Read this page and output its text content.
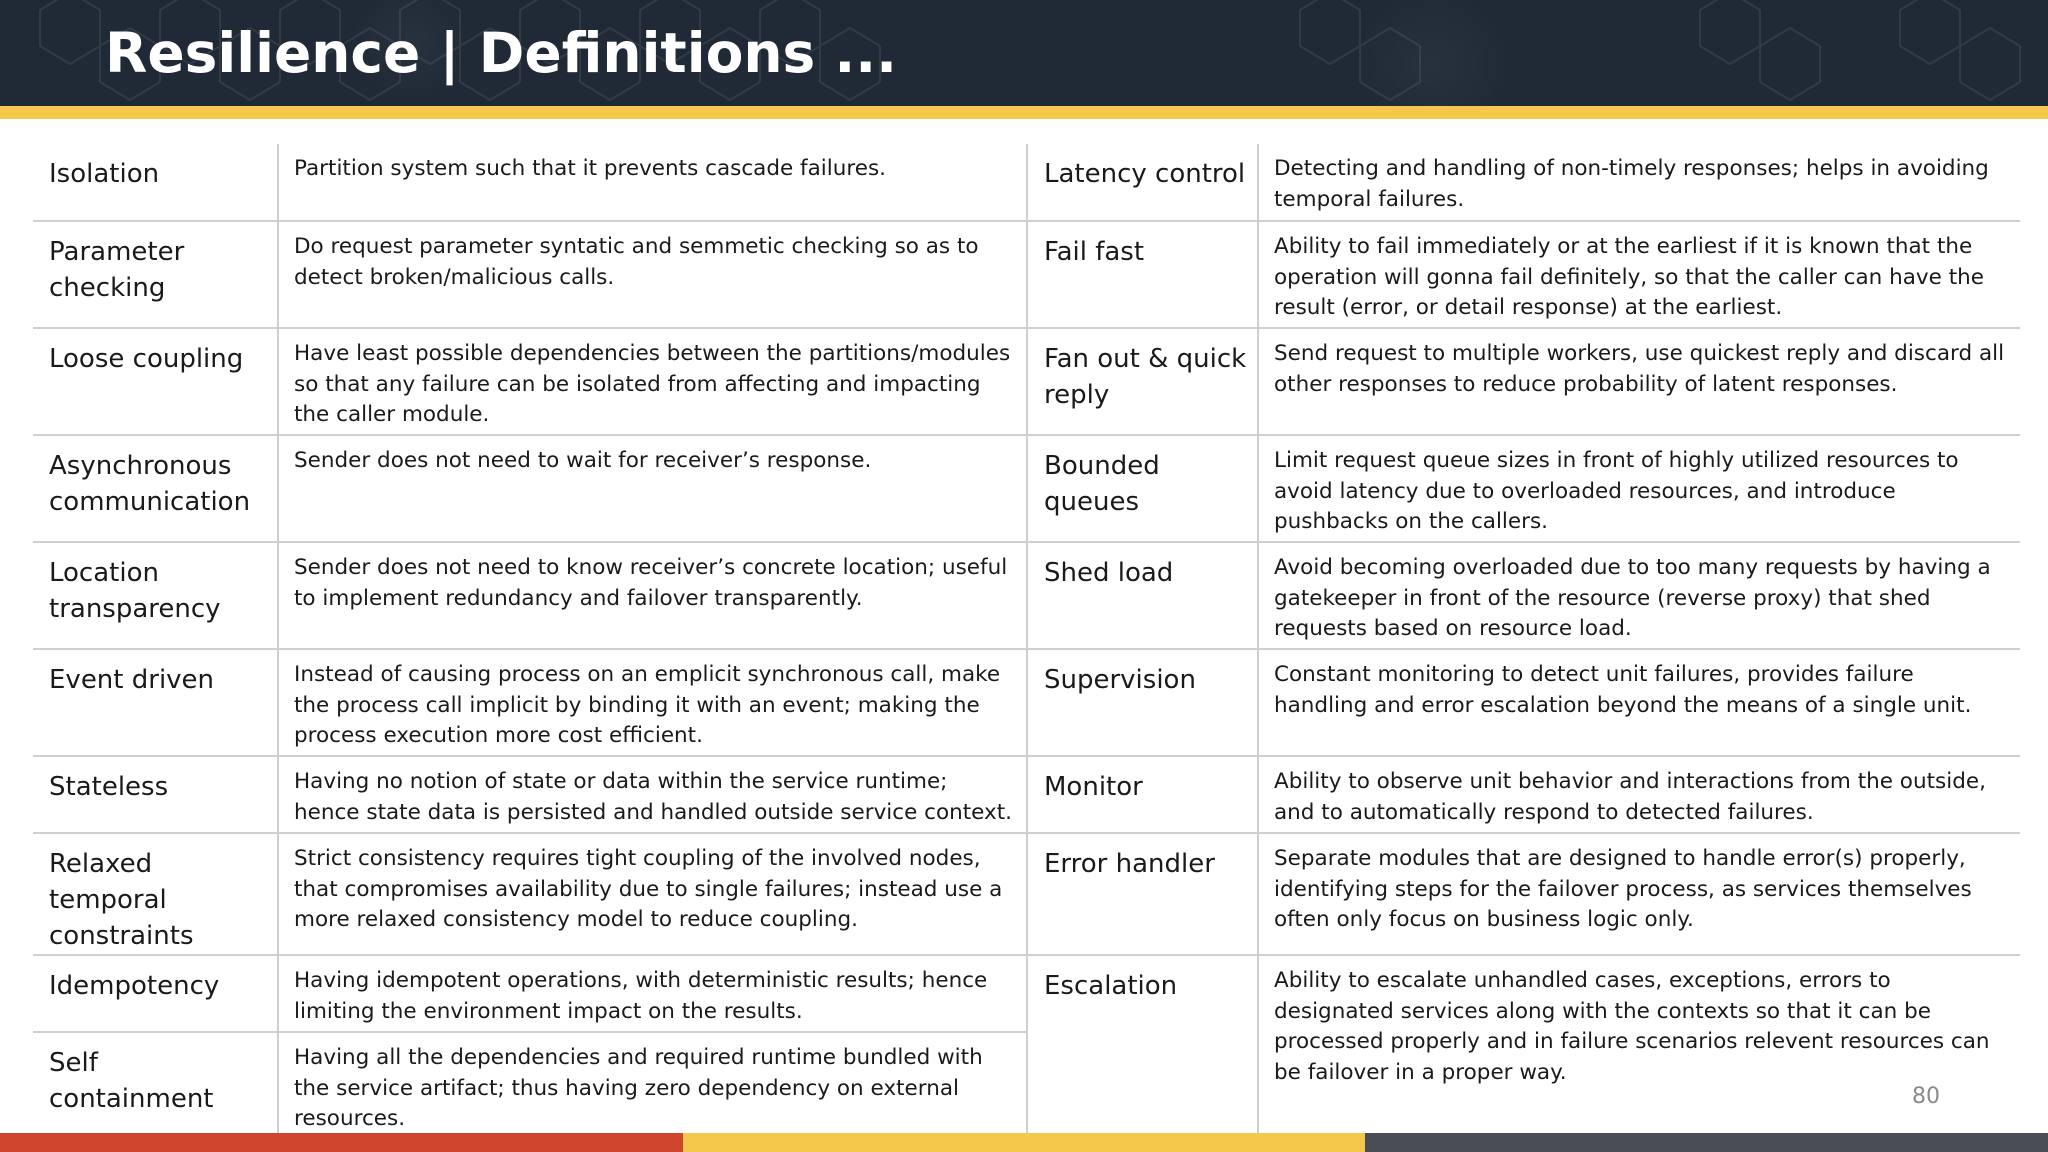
Resilience | Definitions ...
Isolation	Partition system such that it prevents cascade failures.	Latency control	Detecting and handling of non-timely responses; helps in avoiding temporal failures.
Parameter checking	Do request parameter syntatic and semmetic checking so as to detect broken/malicious calls.	Fail fast	Ability to fail immediately or at the earliest if it is known that the operation will gonna fail definitely, so that the caller can have the result (error, or detail response) at the earliest.
Loose coupling	Have least possible dependencies between the partitions/modules so that any failure can be isolated from affecting and impacting the caller module.	Fan out & quick reply	Send request to multiple workers, use quickest reply and discard all other responses to reduce probability of latent responses.
Asynchronous communication	Sender does not need to wait for receiver’s response.	Bounded queues	Limit request queue sizes in front of highly utilized resources to avoid latency due to overloaded resources, and introduce pushbacks on the callers.
Location transparency	Sender does not need to know receiver’s concrete location; useful to implement redundancy and failover transparently.	Shed load	Avoid becoming overloaded due to too many requests by having a gatekeeper in front of the resource (reverse proxy) that shed requests based on resource load.
Event driven	Instead of causing process on an emplicit synchronous call, make the process call implicit by binding it with an event; making the process execution more cost efficient.	Supervision	Constant monitoring to detect unit failures, provides failure handling and error escalation beyond the means of a single unit.
Stateless	Having no notion of state or data within the service runtime; hence state data is persisted and handled outside service context.	Monitor	Ability to observe unit behavior and interactions from the outside, and to automatically respond to detected failures.
Relaxed temporal constraints	Strict consistency requires tight coupling of the involved nodes, that compromises availability due to single failures; instead use a more relaxed consistency model to reduce coupling.	Error handler	Separate modules that are designed to handle error(s) properly, identifying steps for the failover process, as services themselves often only focus on business logic only.
Idempotency	Having idempotent operations, with deterministic results; hence limiting the environment impact on the results.	Escalation	Ability to escalate unhandled cases, exceptions, errors to designated services along with the contexts so that it can be processed properly and in failure scenarios relevent resources can be failover in a proper way.
Self containment	Having all the dependencies and required runtime bundled with the service artifact; thus having zero dependency on external resources.		
80
